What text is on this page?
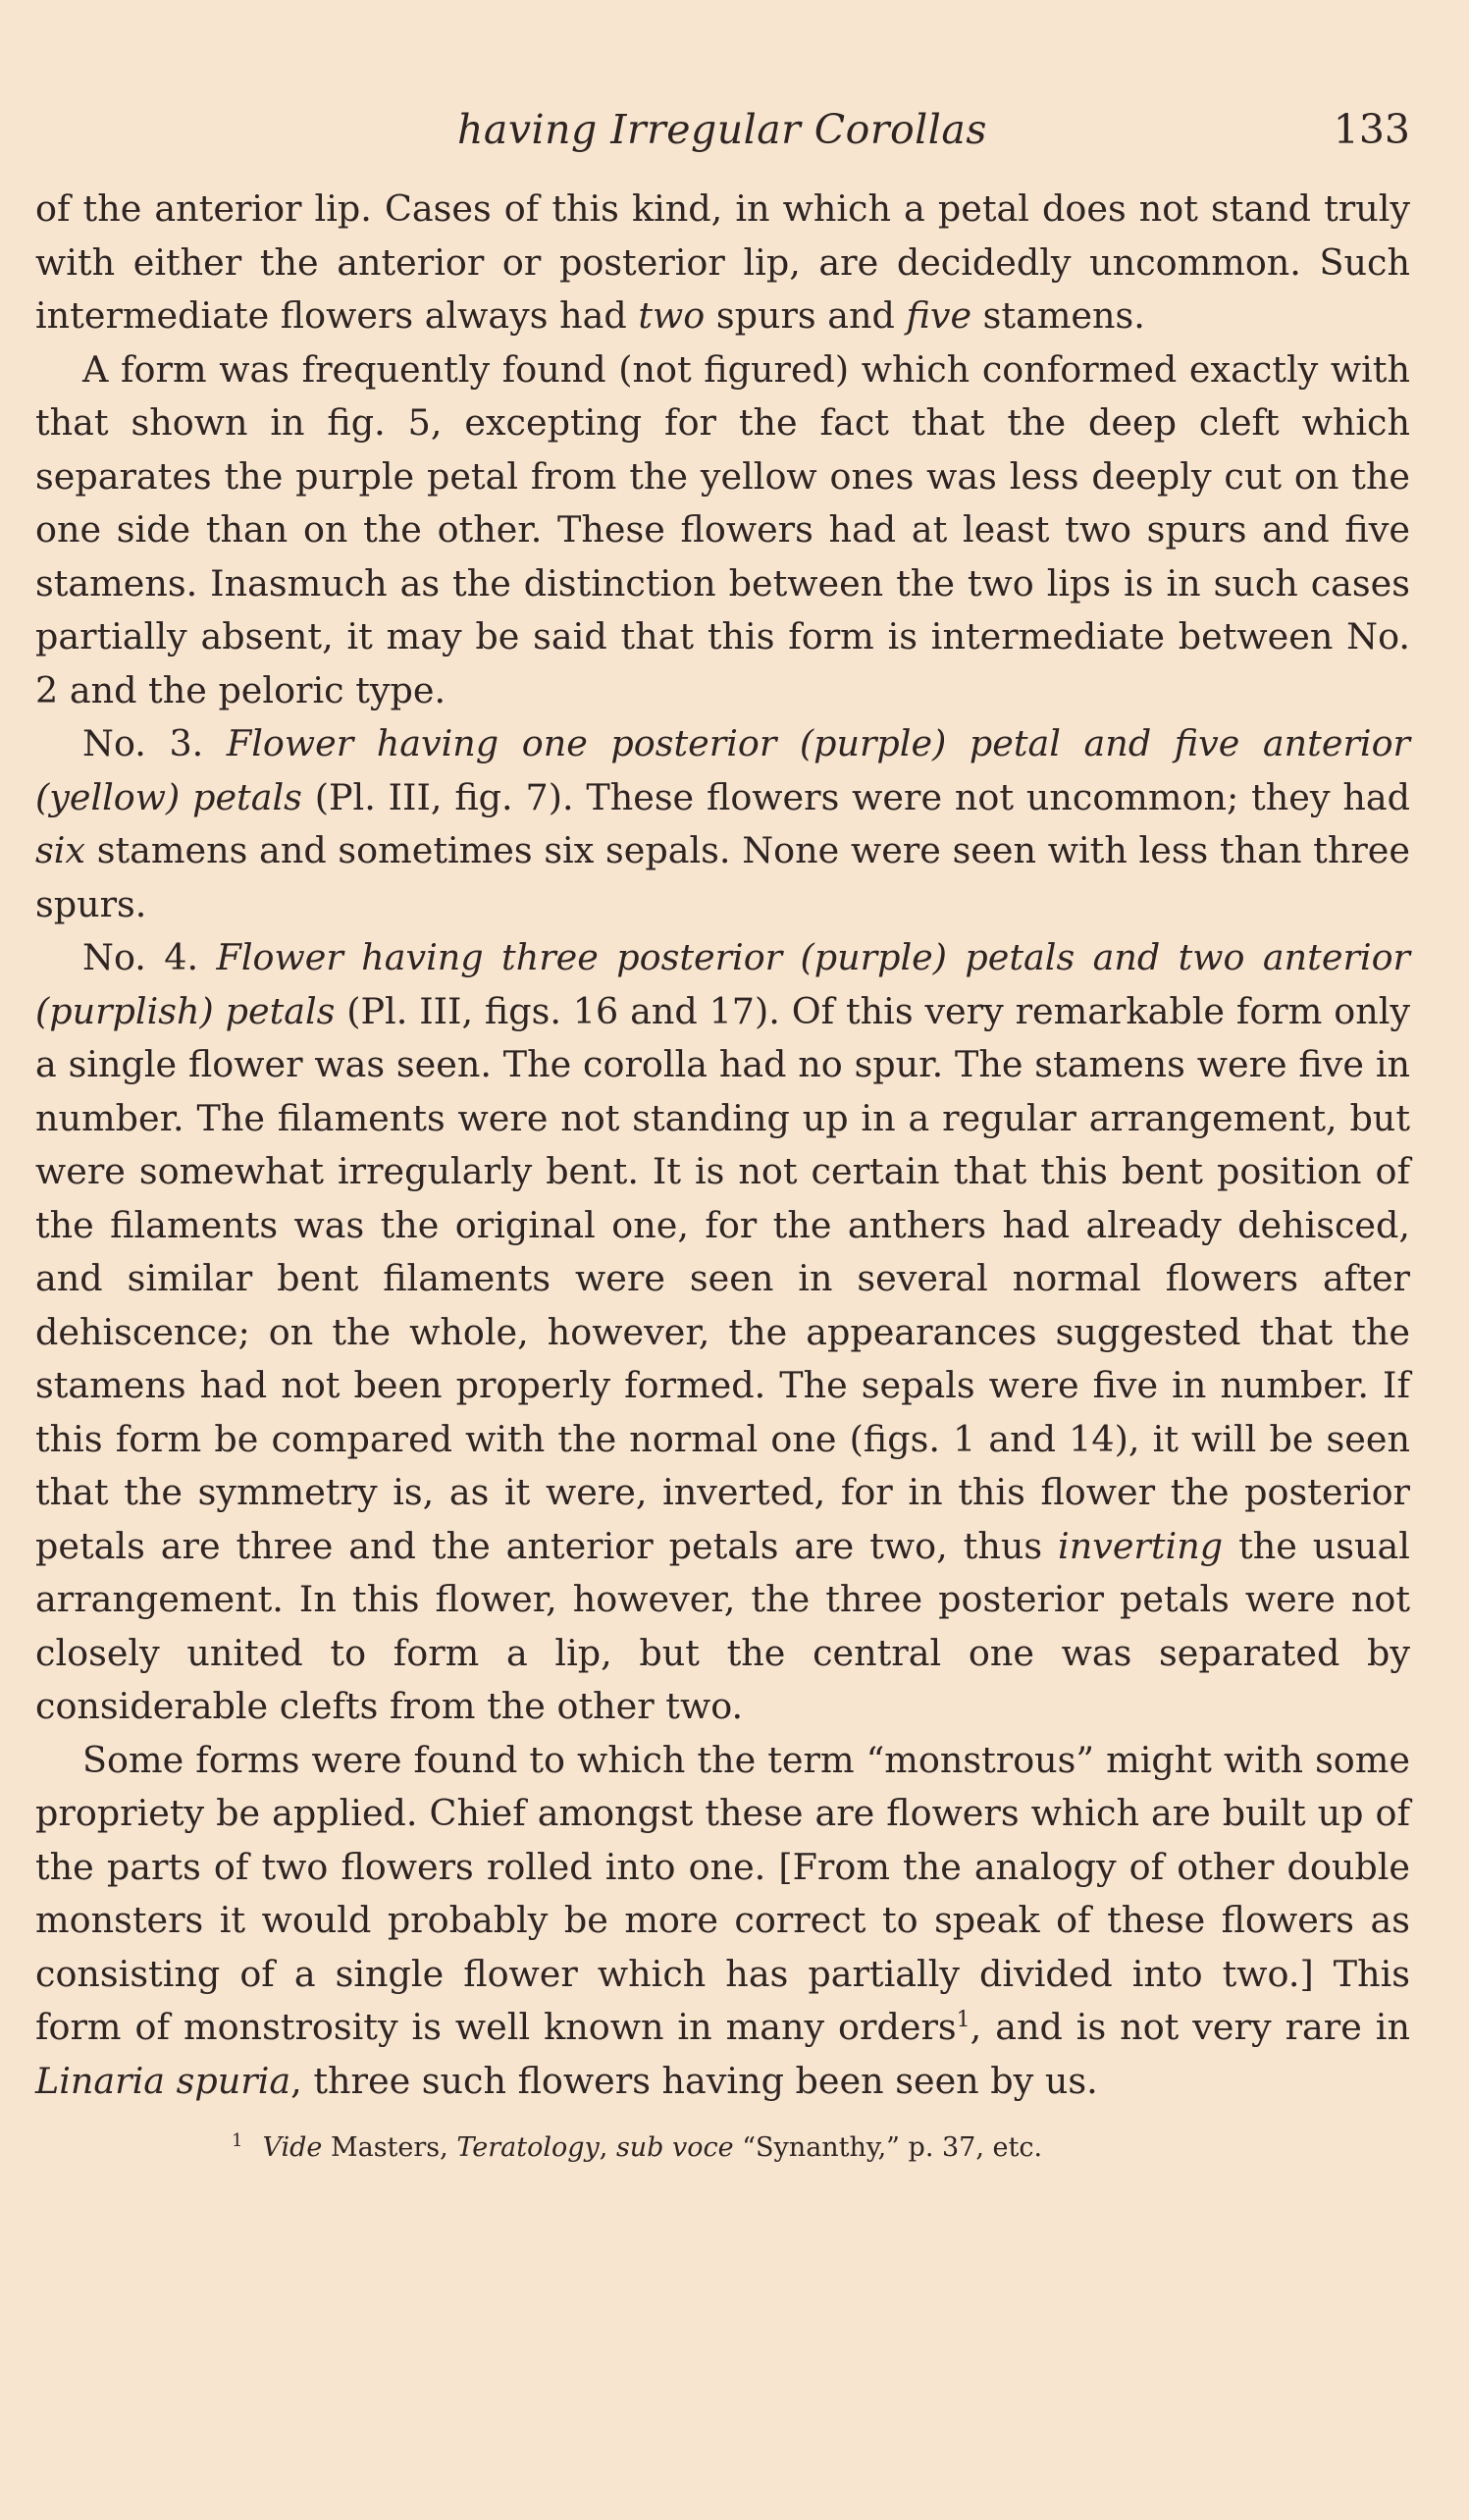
having Irregular Corollas	133

of the anterior lip. Cases of this kind, in which a petal does not stand truly with either the anterior or posterior lip, are decidedly uncommon. Such intermediate flowers always had two spurs and five stamens.

A form was frequently found (not figured) which conformed exactly with that shown in fig. 5, excepting for the fact that the deep cleft which separates the purple petal from the yellow ones was less deeply cut on the one side than on the other. These flowers had at least two spurs and five stamens. Inasmuch as the distinction between the two lips is in such cases partially absent, it may be said that this form is intermediate between No. 2 and the peloric type.

No. 3. Flower having one posterior (purple) petal and five anterior (yellow) petals (Pl. III, fig. 7). These flowers were not uncommon; they had six stamens and sometimes six sepals. None were seen with less than three spurs.

No. 4. Flower having three posterior (purple) petals and two anterior (purplish) petals (Pl. III, figs. 16 and 17). Of this very remarkable form only a single flower was seen. The corolla had no spur. The stamens were five in number. The filaments were not standing up in a regular arrangement, but were somewhat irregularly bent. It is not certain that this bent position of the filaments was the original one, for the anthers had already dehisced, and similar bent filaments were seen in several normal flowers after dehiscence; on the whole, however, the appearances suggested that the stamens had not been properly formed. The sepals were five in number. If this form be compared with the normal one (figs. 1 and 14), it will be seen that the symmetry is, as it were, inverted, for in this flower the posterior petals are three and the anterior petals are two, thus inverting the usual arrangement. In this flower, however, the three posterior petals were not closely united to form a lip, but the central one was separated by considerable clefts from the other two.

Some forms were found to which the term “monstrous” might with some propriety be applied. Chief amongst these are flowers which are built up of the parts of two flowers rolled into one. [From the analogy of other double monsters it would probably be more correct to speak of these flowers as consisting of a single flower which has partially divided into two.] This form of monstrosity is well known in many orders$^1$, and is not very rare in Linaria spuria, three such flowers having been seen by us.

$^1$ Vide Masters, Teratology, sub voce “Synanthy,” p. 37, etc.
